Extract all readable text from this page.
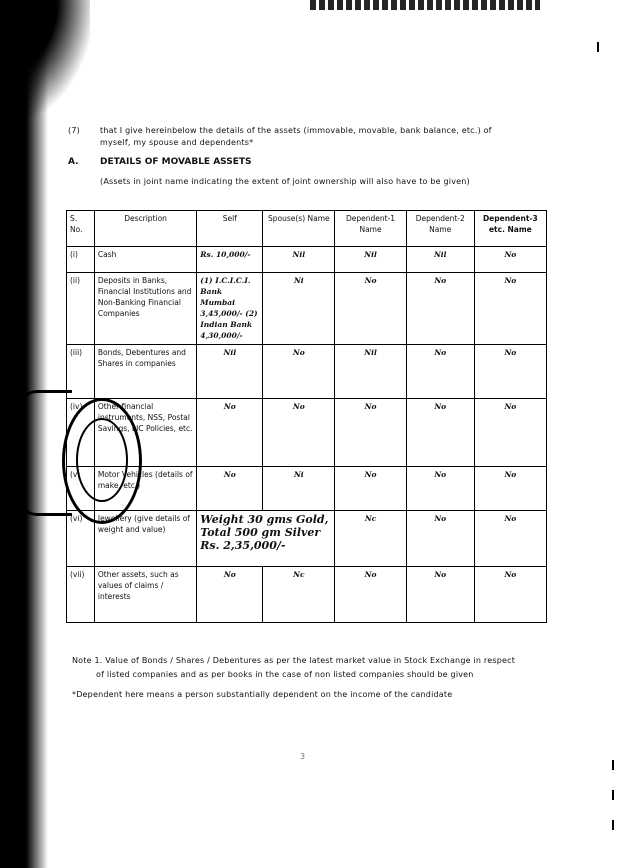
(7)	that I give hereinbelow the details of the assets (immovable, movable, bank balance, etc.) of
myself, my spouse and dependents*
A. DETAILS OF MOVABLE ASSETS
(Assets in joint name indicating the extent of joint ownership will also have to be given)
S. No.	Description	Self	Spouse(s) Name	Dependent-1 Name	Dependent-2 Name	Dependent-3 etc. Name
(i)	Cash	Rs. 10,000/-	Nil	Nil	Nil	No
(ii)	Deposits in Banks, Financial Institutions and Non-Banking Financial Companies	(1) I.C.I.C.I. Bank Mumbai 3,45,000/- (2) Indian Bank 4,30,000/-	Ni	No	No	No
(iii)	Bonds, Debentures and Shares in companies	Nil	No	Nil	No	No
(iv)	Other financial instruments, NSS, Postal Savings, LIC Policies, etc.	No	No	No	No	No
(v)	Motor Vehicles (details of make, etc.)	No	Ni	No	No	No
(vi)	Jewellery (give details of weight and value)	Weight 30 gms Gold, Total 500 gm Silver Rs. 2,35,000/-		Nc	No	No
(vii)	Other assets, such as values of claims / interests	No	Nc	No	No	No
Note 1. Value of Bonds / Shares / Debentures as per the latest market value in Stock Exchange in respect
of listed companies and as per books in the case of non listed companies should be given
*Dependent here means a person substantially dependent on the income of the candidate
3
